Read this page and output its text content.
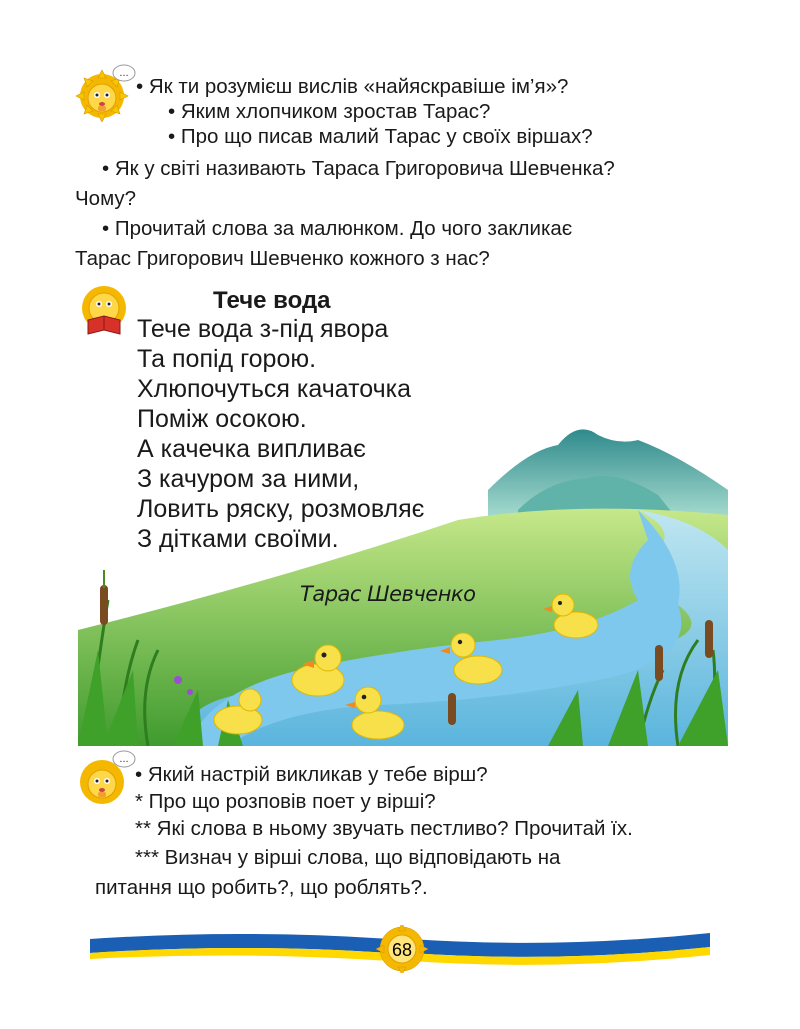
...
• Як ти розумієш вислів «найяскравіше ім’я»?
• Яким хлопчиком зростав Тарас?
• Про що писав малий Тарас у своїх віршах?
• Як у світі називають Тараса Григоровича Шевченка?
Чому?
• Прочитай слова за малюнком. До чого закликає
Тарас Григорович Шевченко кожного з нас?
Тече вода
Тече вода з-під явора
Та попід горою.
Хлюпочуться качаточка
Поміж осокою.
А качечка випливає
З качуром за ними,
Ловить ряску, розмовляє
З дітками своїми.
Тарас Шевченко
...
• Який настрій викликав у тебе вірш?
* Про що розповів поет у вірші?
** Які слова в ньому звучать пестливо? Прочитай їх.
*** Визнач у вірші слова, що відповідають на
питання що робить?, що роблять?.
68
